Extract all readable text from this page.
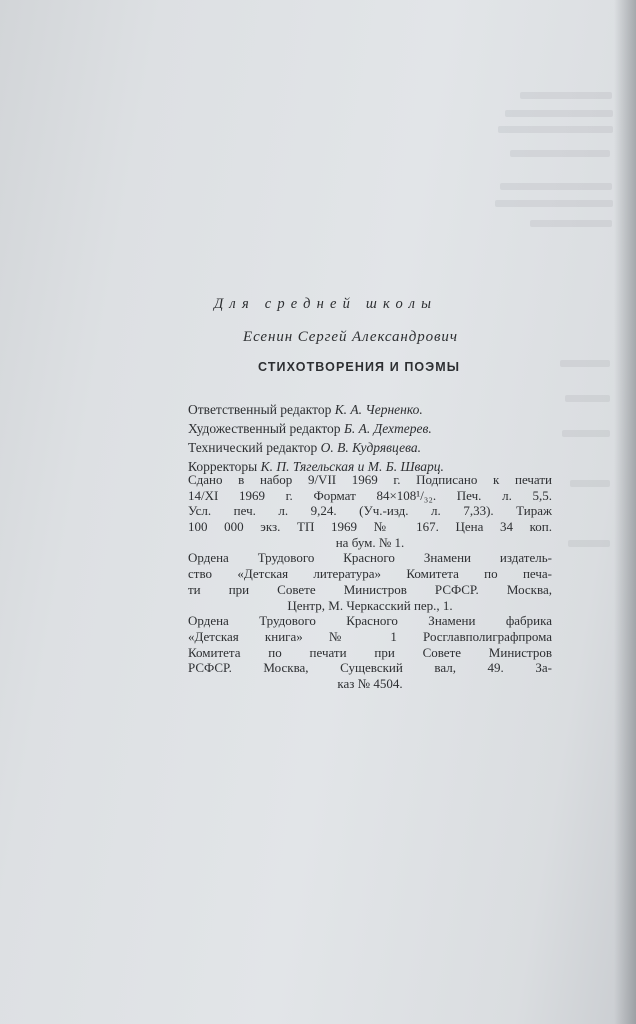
Для средней школы
Есенин Сергей Александрович
СТИХОТВОРЕНИЯ И ПОЭМЫ
Ответственный редактор К. А. Черненко.
Художественный редактор Б. А. Дехтерев.
Технический редактор О. В. Кудрявцева.
Корректоры К. П. Тягельская и М. Б. Шварц.
Сдано в набор 9/VII 1969 г. Подписано к печати
14/XI 1969 г. Формат 84×108¹/₃₂. Печ. л. 5,5.
Усл. печ. л. 9,24. (Уч.-изд. л. 7,33). Тираж
100 000 экз. ТП 1969 № 167. Цена 34 коп.
на бум. № 1.
Ордена Трудового Красного Знамени издатель-
ство «Детская литература» Комитета по печа-
ти при Совете Министров РСФСР. Москва,
Центр, М. Черкасский пер., 1.
Ордена Трудового Красного Знамени фабрика
«Детская книга» № 1 Росглавполиграфпрома
Комитета по печати при Совете Министров
РСФСР. Москва, Сущевский вал, 49. За-
каз № 4504.
